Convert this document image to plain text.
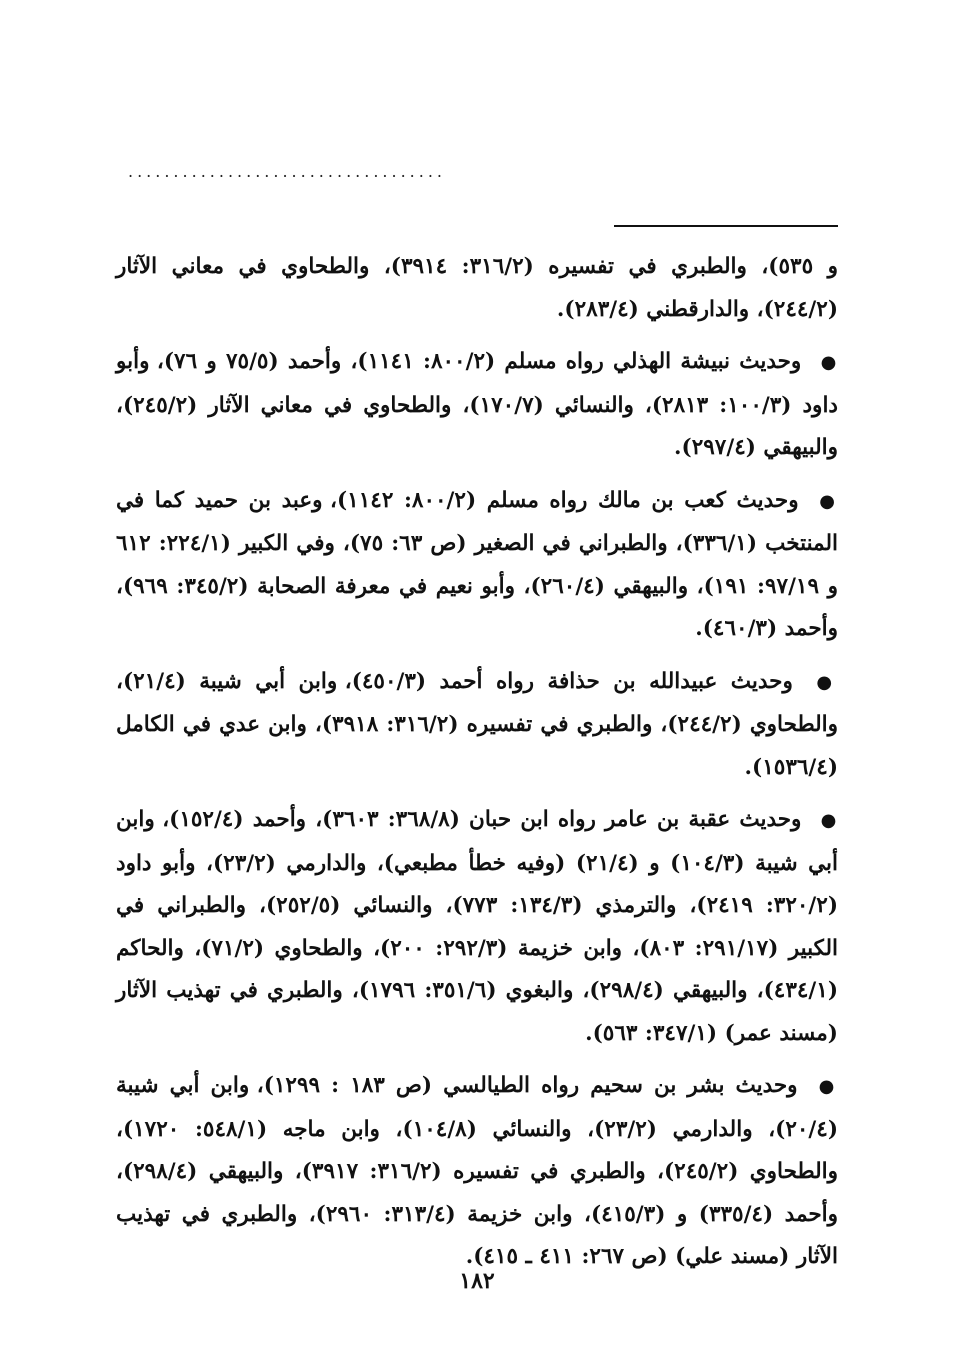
...................................

و ٥٣٥)، والطبري في تفسيره (٣١٦/٢: ٣٩١٤)، والطحاوي في معاني الآثار (٢٤٤/٢)، والدارقطني (٢٨٣/٤).

● وحديث نبيشة الهذلي رواه مسلم (٨٠٠/٢: ١١٤١)، وأحمد (٧٥/٥ و ٧٦)، وأبو داود (١٠٠/٣: ٢٨١٣)، والنسائي (١٧٠/٧)، والطحاوي في معاني الآثار (٢٤٥/٢)، والبيهقي (٢٩٧/٤).

● وحديث كعب بن مالك رواه مسلم (٨٠٠/٢: ١١٤٢)، وعبد بن حميد كما في المنتخب (٣٣٦/١)، والطبراني في الصغير (ص ٦٣: ٧٥)، وفي الكبير (٢٢٤/١: ٦١٢ و ٩٧/١٩: ١٩١)، والبيهقي (٢٦٠/٤)، وأبو نعيم في معرفة الصحابة (٣٤٥/٢: ٩٦٩)، وأحمد (٤٦٠/٣).

● وحديث عبيدالله بن حذافة رواه أحمد (٤٥٠/٣)، وابن أبي شيبة (٢١/٤)، والطحاوي (٢٤٤/٢)، والطبري في تفسيره (٣١٦/٢: ٣٩١٨)، وابن عدي في الكامل (١٥٣٦/٤).

● وحديث عقبة بن عامر رواه ابن حبان (٣٦٨/٨: ٣٦٠٣)، وأحمد (١٥٢/٤)، وابن أبي شيبة (١٠٤/٣) و (٢١/٤) (وفيه خطأ مطبعي)، والدارمي (٢٣/٢)، وأبو داود (٣٢٠/٢: ٢٤١٩)، والترمذي (١٣٤/٣: ٧٧٣)، والنسائي (٢٥٢/٥)، والطبراني في الكبير (٢٩١/١٧: ٨٠٣)، وابن خزيمة (٢٩٢/٣: ٢٠٠)، والطحاوي (٧١/٢)، والحاكم (٤٣٤/١)، والبيهقي (٢٩٨/٤)، والبغوي (٣٥١/٦: ١٧٩٦)، والطبري في تهذيب الآثار (مسند عمر) (٣٤٧/١: ٥٦٣).

● وحديث بشر بن سحيم رواه الطيالسي (ص ١٨٣ : ١٢٩٩)، وابن أبي شيبة (٢٠/٤)، والدارمي (٢٣/٢)، والنسائي (١٠٤/٨)، وابن ماجه (٥٤٨/١: ١٧٢٠)، والطحاوي (٢٤٥/٢)، والطبري في تفسيره (٣١٦/٢: ٣٩١٧)، والبيهقي (٢٩٨/٤)، وأحمد (٣٣٥/٤) و (٤١٥/٣)، وابن خزيمة (٣١٣/٤: ٢٩٦٠)، والطبري في تهذيب الآثار (مسند علي) (ص ٢٦٧: ٤١١ ـ ٤١٥).

١٨٢
